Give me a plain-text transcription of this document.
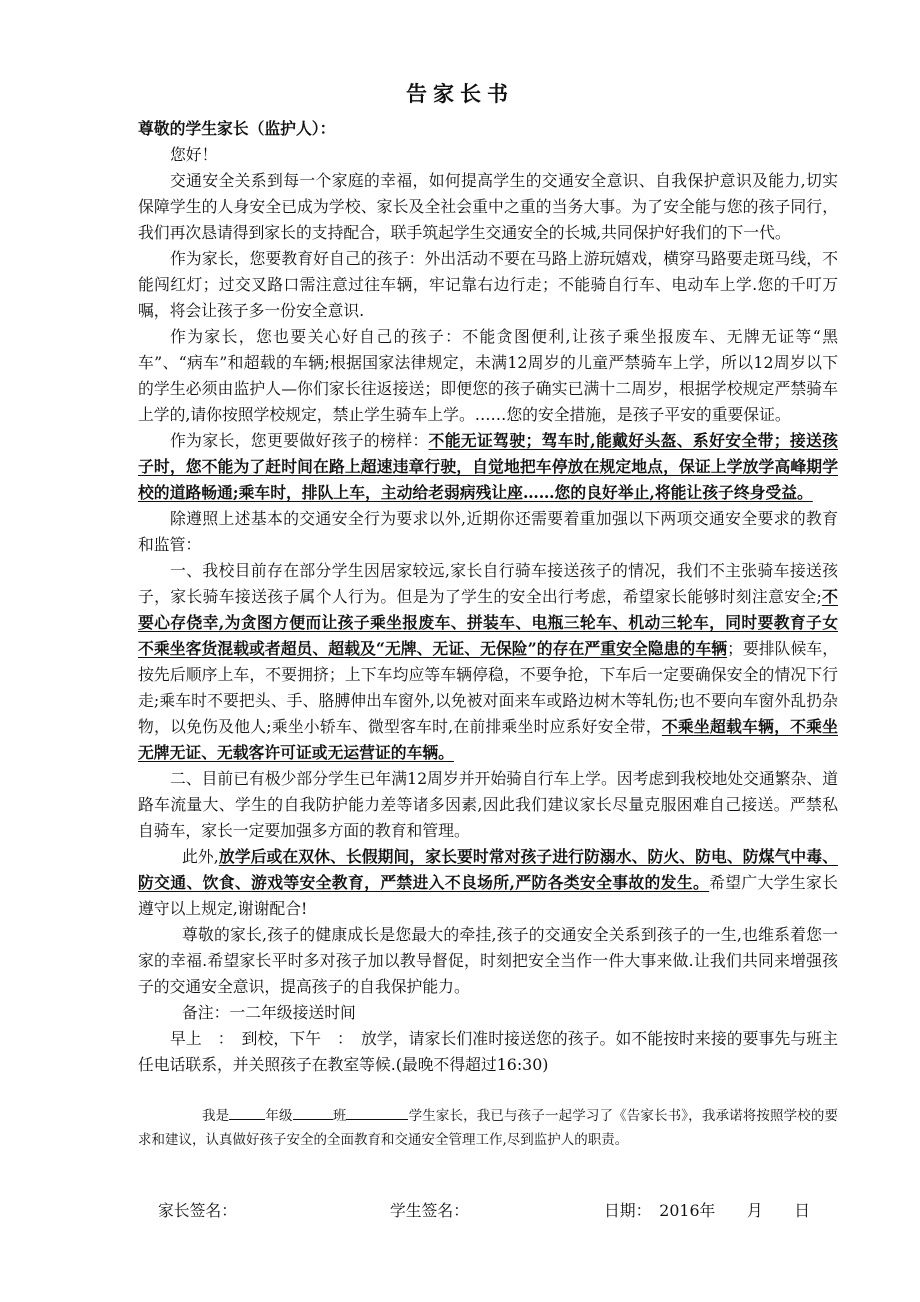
告家长书

尊敬的学生家长（监护人）：

您好！

交通安全关系到每一个家庭的幸福，如何提高学生的交通安全意识、自我保护意识及能力,切实保障学生的人身安全已成为学校、家长及全社会重中之重的当务大事。为了安全能与您的孩子同行，我们再次恳请得到家长的支持配合，联手筑起学生交通安全的长城,共同保护好我们的下一代。

作为家长，您要教育好自己的孩子：外出活动不要在马路上游玩嬉戏，横穿马路要走斑马线，不能闯红灯；过交叉路口需注意过往车辆，牢记靠右边行走；不能骑自行车、电动车上学.您的千叮万嘱，将会让孩子多一份安全意识.

作为家长，您也要关心好自己的孩子：不能贪图便利,让孩子乘坐报废车、无牌无证等“黑车”、“病车”和超载的车辆;根据国家法律规定，未满12周岁的儿童严禁骑车上学，所以12周岁以下的学生必须由监护人—你们家长往返接送；即便您的孩子确实已满十二周岁，根据学校规定严禁骑车上学的,请你按照学校规定，禁止学生骑车上学。……您的安全措施，是孩子平安的重要保证。

作为家长，您更要做好孩子的榜样：不能无证驾驶；驾车时,能戴好头盔、系好安全带；接送孩子时，您不能为了赶时间在路上超速违章行驶，自觉地把车停放在规定地点，保证上学放学高峰期学校的道路畅通;乘车时，排队上车，主动给老弱病残让座……您的良好举止,将能让孩子终身受益。

除遵照上述基本的交通安全行为要求以外,近期你还需要着重加强以下两项交通安全要求的教育和监管：

一、我校目前存在部分学生因居家较远,家长自行骑车接送孩子的情况，我们不主张骑车接送孩子，家长骑车接送孩子属个人行为。但是为了学生的安全出行考虑，希望家长能够时刻注意安全;不要心存侥幸,为贪图方便而让孩子乘坐报废车、拼装车、电瓶三轮车、机动三轮车，同时要教育子女不乘坐客货混载或者超员、超载及“无牌、无证、无保险”的存在严重安全隐患的车辆；要排队候车，按先后顺序上车，不要拥挤；上下车均应等车辆停稳，不要争抢，下车后一定要确保安全的情况下行走;乘车时不要把头、手、胳膊伸出车窗外,以免被对面来车或路边树木等轧伤;也不要向车窗外乱扔杂物，以免伤及他人;乘坐小轿车、微型客车时,在前排乘坐时应系好安全带，不乘坐超载车辆，不乘坐无牌无证、无载客许可证或无运营证的车辆。

二、目前已有极少部分学生已年满12周岁并开始骑自行车上学。因考虑到我校地处交通繁杂、道路车流量大、学生的自我防护能力差等诸多因素,因此我们建议家长尽量克服困难自己接送。严禁私自骑车，家长一定要加强多方面的教育和管理。

此外,放学后或在双休、长假期间，家长要时常对孩子进行防溺水、防火、防电、防煤气中毒、防交通、饮食、游戏等安全教育，严禁进入不良场所,严防各类安全事故的发生。希望广大学生家长遵守以上规定,谢谢配合!

尊敬的家长,孩子的健康成长是您最大的牵挂,孩子的交通安全关系到孩子的一生,也维系着您一家的幸福.希望家长平时多对孩子加以教导督促，时刻把安全当作一件大事来做.让我们共同来增强孩子的交通安全意识，提高孩子的自我保护能力。

备注：一二年级接送时间

早上　：　到校，下午　：　放学，请家长们准时接送您的孩子。如不能按时来接的要事先与班主任电话联系，并关照孩子在教室等候.(最晚不得超过16:30)

我是	年级	班	学生家长，我已与孩子一起学习了《告家长书》，我承诺将按照学校的要求和建议，认真做好孩子安全的全面教育和交通安全管理工作,尽到监护人的职责。

家长签名：	学生签名：	日期：　2016年　　月　　日
